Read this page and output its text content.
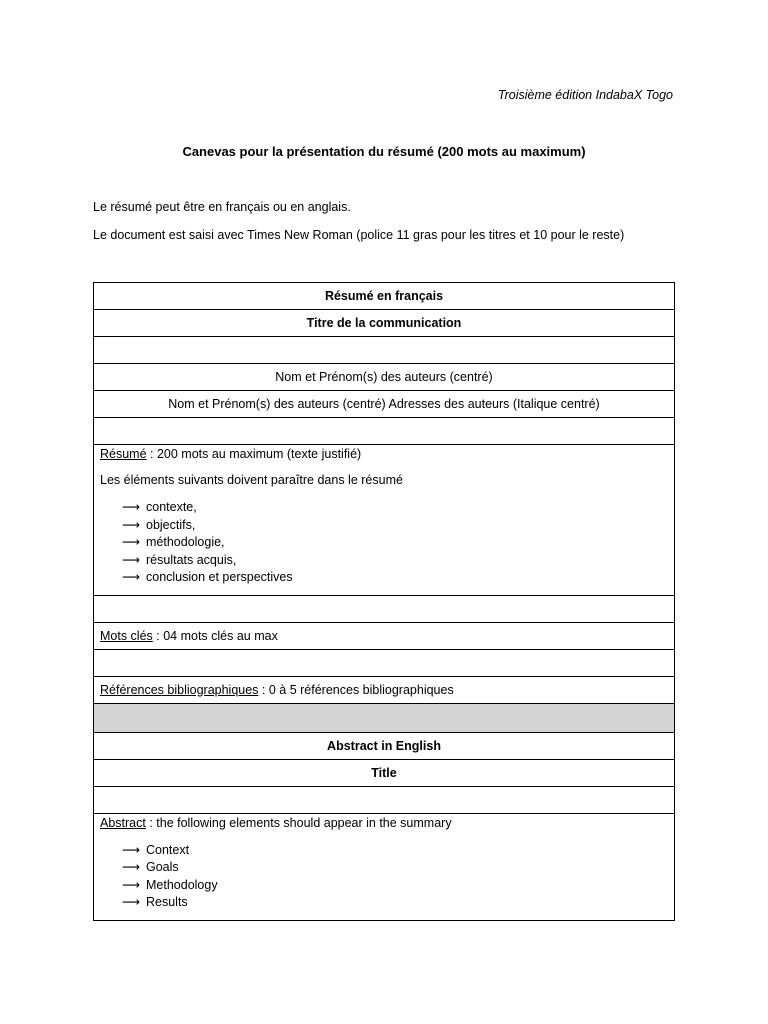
Troisième édition IndabaX Togo
Canevas pour la présentation du résumé (200 mots au maximum)
Le résumé peut être en français ou en anglais.
Le document est saisi avec Times New Roman (police 11 gras pour les titres et 10 pour le reste)
Résumé en français
Titre de la communication

Nom et Prénom(s) des auteurs (centré)
Nom et Prénom(s) des auteurs (centré) Adresses des auteurs (Italique centré)

Résumé : 200 mots au maximum (texte justifié)

Les éléments suivants doivent paraître dans le résumé

⟶ contexte,
⟶ objectifs,
⟶ méthodologie,
⟶ résultats acquis,
⟶ conclusion et perspectives

Mots clés : 04 mots clés au max

Références bibliographiques : 0 à 5 références bibliographiques

Abstract in English
Title

Abstract : the following elements should appear in the summary

⟶ Context
⟶ Goals
⟶ Methodology
⟶ Results
